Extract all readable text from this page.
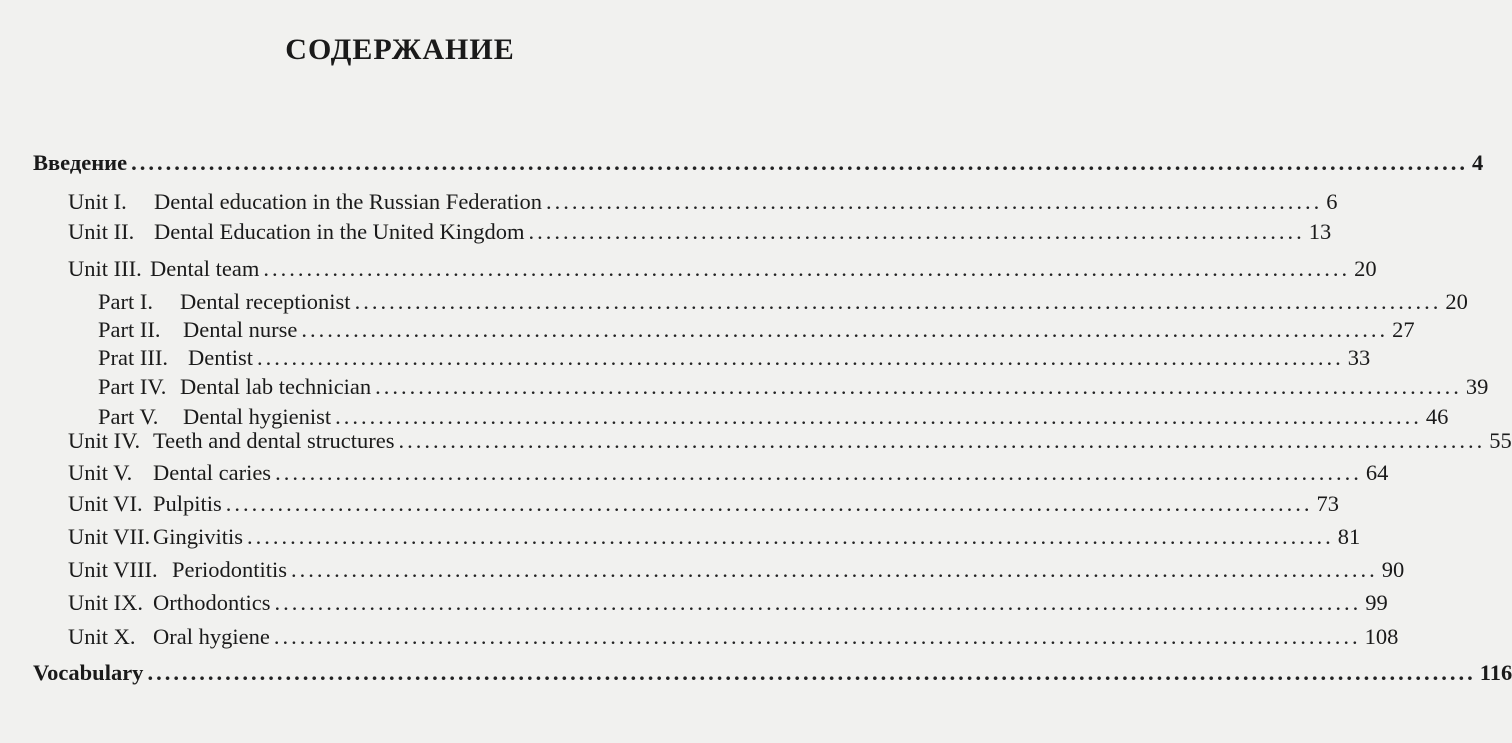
СОДЕРЖАНИЕ
Введение ........................................................................................................................................................... 4
Unit I. Dental education in the Russian Federation .......................................................................................... 6
Unit II. Dental Education in the United Kingdom .......................................................................................... 13
Unit III. Dental team .............................................................................................................................. 20
Part I. Dental receptionist .............................................................................................................................. 20
Part II. Dental nurse .............................................................................................................................. 27
Prat III. Dentist .............................................................................................................................. 33
Part IV. Dental lab technician .............................................................................................................................. 39
Part V. Dental hygienist .............................................................................................................................. 46
Unit IV. Teeth and dental structures .............................................................................................................................. 55
Unit V. Dental caries .............................................................................................................................. 64
Unit VI. Pulpitis .............................................................................................................................. 73
Unit VII. Gingivitis .............................................................................................................................. 81
Unit VIII. Periodontitis .............................................................................................................................. 90
Unit IX. Orthodontics .............................................................................................................................. 99
Unit X. Oral hygiene .............................................................................................................................. 108
Vocabulary .......................................................................................................................................................... 116
